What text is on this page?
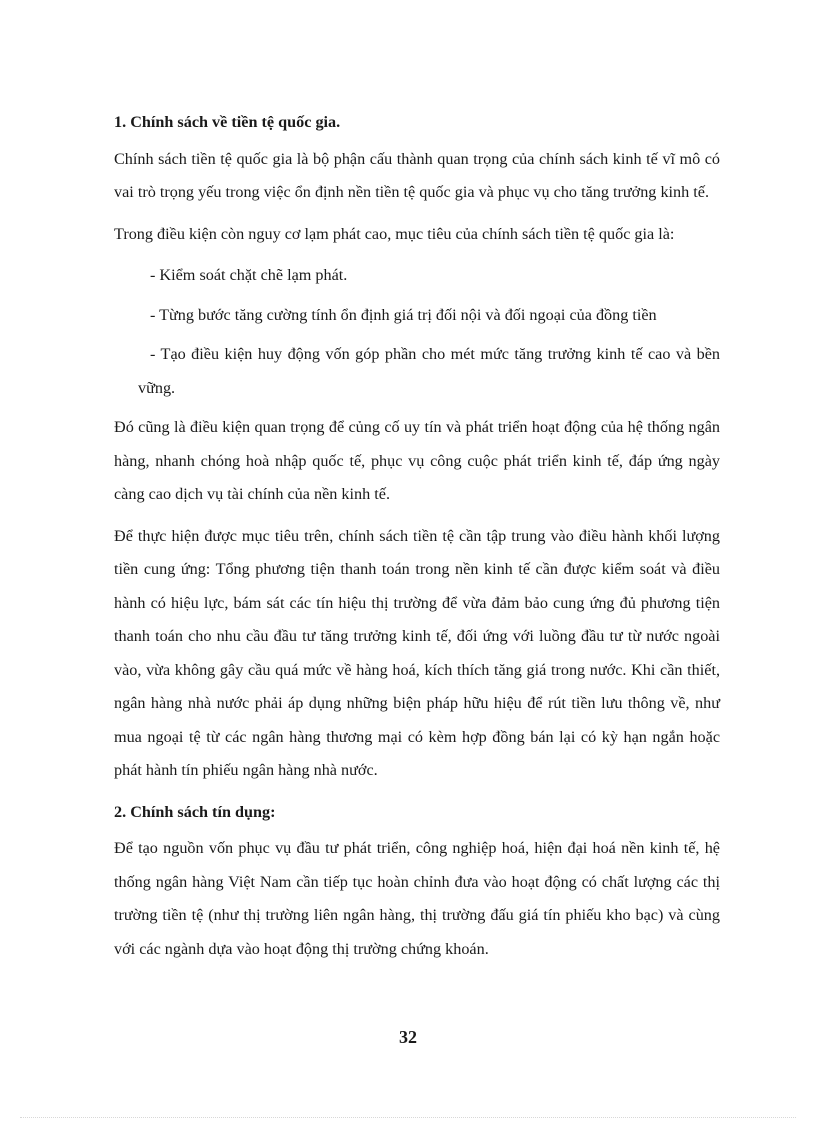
1. Chính sách về tiền tệ quốc gia.

Chính sách tiền tệ quốc gia là bộ phận cấu thành quan trọng của chính sách kinh tế vĩ mô có vai trò trọng yếu trong việc ổn định nền tiền tệ quốc gia và phục vụ cho tăng trưởng kinh tế.

Trong điều kiện còn nguy cơ lạm phát cao, mục tiêu của chính sách tiền tệ quốc gia là:

- Kiểm soát chặt chẽ lạm phát.

- Từng bước tăng cường tính ổn định giá trị đối nội và đối ngoại của đồng tiền

- Tạo điều kiện huy động vốn góp phần cho mét mức tăng trưởng kinh tế cao và bền vững.

Đó cũng là điều kiện quan trọng để củng cố uy tín và phát triển hoạt động của hệ thống ngân hàng, nhanh chóng hoà nhập quốc tế, phục vụ công cuộc phát triển kinh tế, đáp ứng ngày càng cao dịch vụ tài chính của nền kinh tế.

Để thực hiện được mục tiêu trên, chính sách tiền tệ cần tập trung vào điều hành khối lượng tiền cung ứng: Tổng phương tiện thanh toán trong nền kinh tế cần được kiểm soát và điều hành có hiệu lực, bám sát các tín hiệu thị trường để vừa đảm bảo cung ứng đủ phương tiện thanh toán cho nhu cầu đầu tư tăng trưởng kinh tế, đối ứng với luồng đầu tư từ nước ngoài vào, vừa không gây cầu quá mức về hàng hoá, kích thích tăng giá trong nước. Khi cần thiết, ngân hàng nhà nước phải áp dụng những biện pháp hữu hiệu để rút tiền lưu thông về, như mua ngoại tệ từ các ngân hàng thương mại có kèm hợp đồng bán lại có kỳ hạn ngắn hoặc phát hành tín phiếu ngân hàng nhà nước.

2. Chính sách tín dụng:

Để tạo nguồn vốn phục vụ đầu tư phát triển, công nghiệp hoá, hiện đại hoá nền kinh tế, hệ thống ngân hàng Việt Nam cần tiếp tục hoàn chỉnh đưa vào hoạt động có chất lượng các thị trường tiền tệ (như thị trường liên ngân hàng, thị trường đấu giá tín phiếu kho bạc) và cùng với các ngành dựa vào hoạt động thị trường chứng khoán.

32
